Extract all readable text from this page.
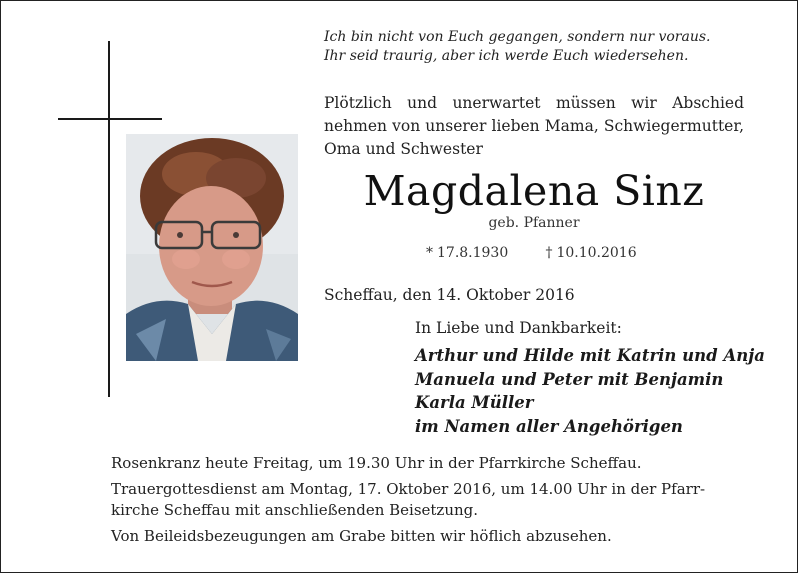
Ich bin nicht von Euch gegangen, sondern nur voraus.
Ihr seid traurig, aber ich werde Euch wiedersehen.
Plötzlich und unerwartet müssen wir Abschied
nehmen von unserer lieben Mama, Schwiegermutter,
Oma und Schwester
Magdalena Sinz
geb. Pfanner
* 17.8.1930	† 10.10.2016
Scheffau, den 14. Oktober 2016
In Liebe und Dankbarkeit:
Arthur und Hilde mit Katrin und Anja
Manuela und Peter mit Benjamin
Karla Müller
im Namen aller Angehörigen

Rosenkranz heute Freitag, um 19.30 Uhr in der Pfarrkirche Scheffau.

Trauergottesdienst am Montag, 17. Oktober 2016, um 14.00 Uhr in der Pfarr-
kirche Scheffau mit anschließenden Beisetzung.

Von Beileidsbezeugungen am Grabe bitten wir höflich abzusehen.
